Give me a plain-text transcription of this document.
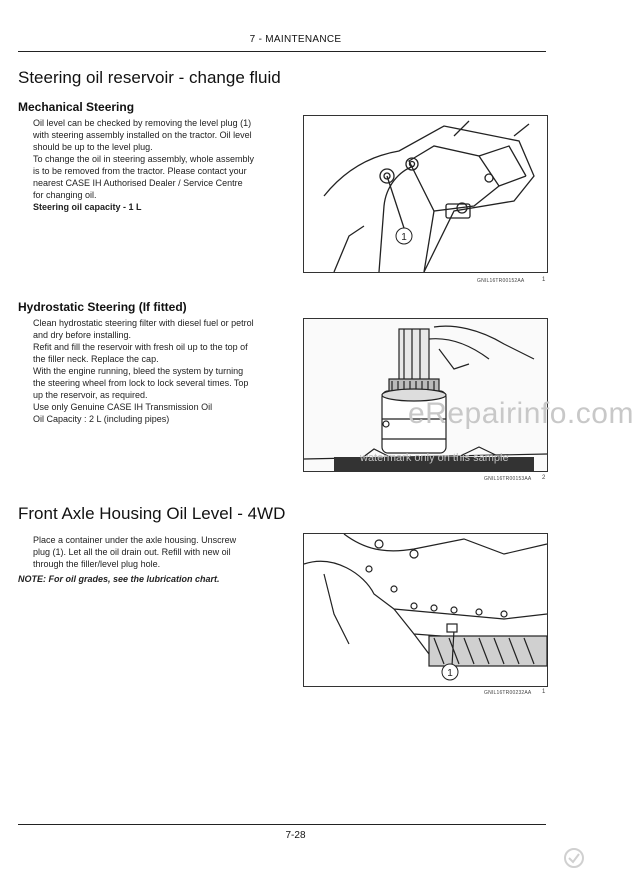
7 - MAINTENANCE
Steering oil reservoir - change fluid
Mechanical Steering

Oil level can be checked by removing the level plug (1)

with steering assembly installed on the tractor. Oil level

should be up to the level plug.

To change the oil in steering assembly, whole assembly

is to be removed from the tractor. Please contact your

nearest CASE IH Authorised Dealer / Service Centre

for changing oil.

Steering oil capacity - 1 L

1
GNIL16TR00152AA	1
Hydrostatic Steering (If fitted)

Clean hydrostatic steering filter with diesel fuel or petrol

and dry before installing.

Refit and fill the reservoir with fresh oil up to the top of

the filler neck. Replace the cap.

With the engine running, bleed the system by turning

the steering wheel from lock to lock several times. Top

up the reservoir, as required.

Use only Genuine CASE IH Transmission Oil

Oil Capacity : 2 L (including pipes)

GNIL16TR00153AA 2
Front Axle Housing Oil Level - 4WD

Place a container under the axle housing. Unscrew

plug (1). Let all the oil drain out. Refill with new oil

through the filler/level plug hole.

NOTE: For oil grades, see the lubrication chart.
1
GNIL16TR00232AA 1
eRepairinfo.com
watermark only on this sample
7-28
